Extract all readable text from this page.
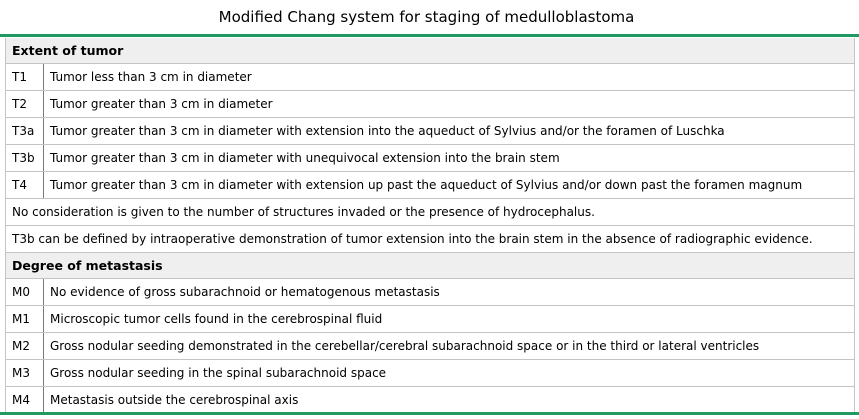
Modified Chang system for staging of medulloblastoma
Extent of tumor
T1	Tumor less than 3 cm in diameter
T2	Tumor greater than 3 cm in diameter
T3a	Tumor greater than 3 cm in diameter with extension into the aqueduct of Sylvius and/or the foramen of Luschka
T3b	Tumor greater than 3 cm in diameter with unequivocal extension into the brain stem
T4	Tumor greater than 3 cm in diameter with extension up past the aqueduct of Sylvius and/or down past the foramen magnum
No consideration is given to the number of structures invaded or the presence of hydrocephalus.
T3b can be defined by intraoperative demonstration of tumor extension into the brain stem in the absence of radiographic evidence.
Degree of metastasis
M0	No evidence of gross subarachnoid or hematogenous metastasis
M1	Microscopic tumor cells found in the cerebrospinal fluid
M2	Gross nodular seeding demonstrated in the cerebellar/cerebral subarachnoid space or in the third or lateral ventricles
M3	Gross nodular seeding in the spinal subarachnoid space
M4	Metastasis outside the cerebrospinal axis
